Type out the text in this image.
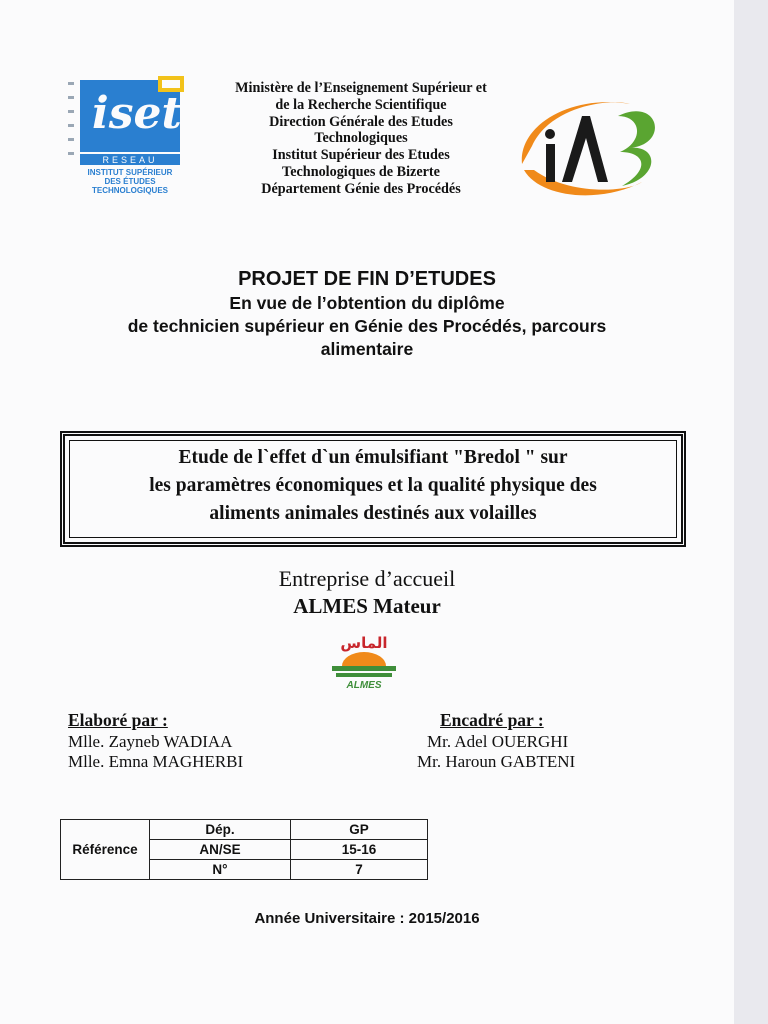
iset
RESEAU
INSTITUT SUPÉRIEUR
DES ÉTUDES
TECHNOLOGIQUES
Ministère de l’Enseignement Supérieur et
de la Recherche Scientifique
Direction Générale des Etudes
Technologiques
Institut Supérieur des Etudes
Technologiques de Bizerte
Département Génie des Procédés
PROJET DE FIN D’ETUDES
En vue de l’obtention du diplôme
de technicien supérieur en Génie des Procédés, parcours
alimentaire
Etude de l`effet d`un émulsifiant "Bredol " sur
les paramètres économiques et la qualité physique des
aliments animales destinés aux volailles
Entreprise d’accueil
ALMES Mateur
الماس
ALMES
Elaboré par :
Mlle. Zayneb WADIAA
Mlle. Emna MAGHERBI
Encadré par :
Mr. Adel OUERGHI
Mr. Haroun GABTENI
Référence	Dép.	GP
	AN/SE	15-16
	N°	7
Année Universitaire : 2015/2016
